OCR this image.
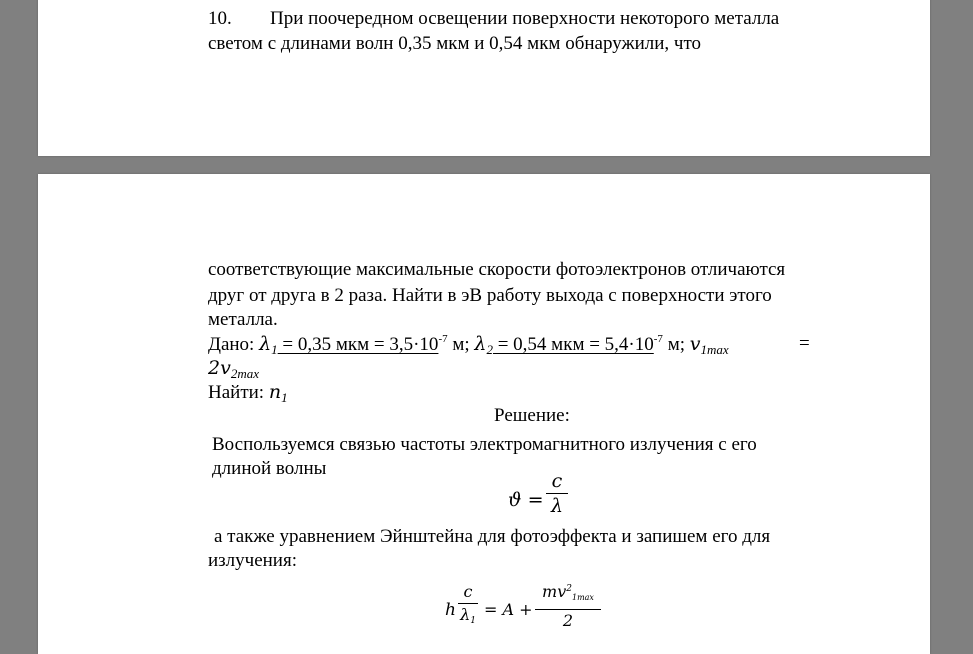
10. При поочередном освещении поверхности некоторого металла
светом с длинами волн 0,35 мкм и 0,54 мкм обнаружили, что
соответствующие максимальные скорости фотоэлектронов отличаются
друг от друга в 2 раза. Найти в эВ работу выхода с поверхности этого
металла.
Дано: $\lambda_1 = 0,35$ мкм = $3,5\cdot 10^{-7}$ м; $\lambda_2 = 0,54$ мкм = $5,4\cdot 10^{-7}$ м; $v_{1max}$	=
$2v_{2max}$
Найти: $n_1$
Решение:
Воспользуемся связью частоты электромагнитного излучения с его
длиной волны
ϑ =
c
λ
а также уравнением Эйнштейна для фотоэффекта и запишем его для
излучения:
h
c
$\lambda_1$
= A +
$mv^2_{1max}$
2
